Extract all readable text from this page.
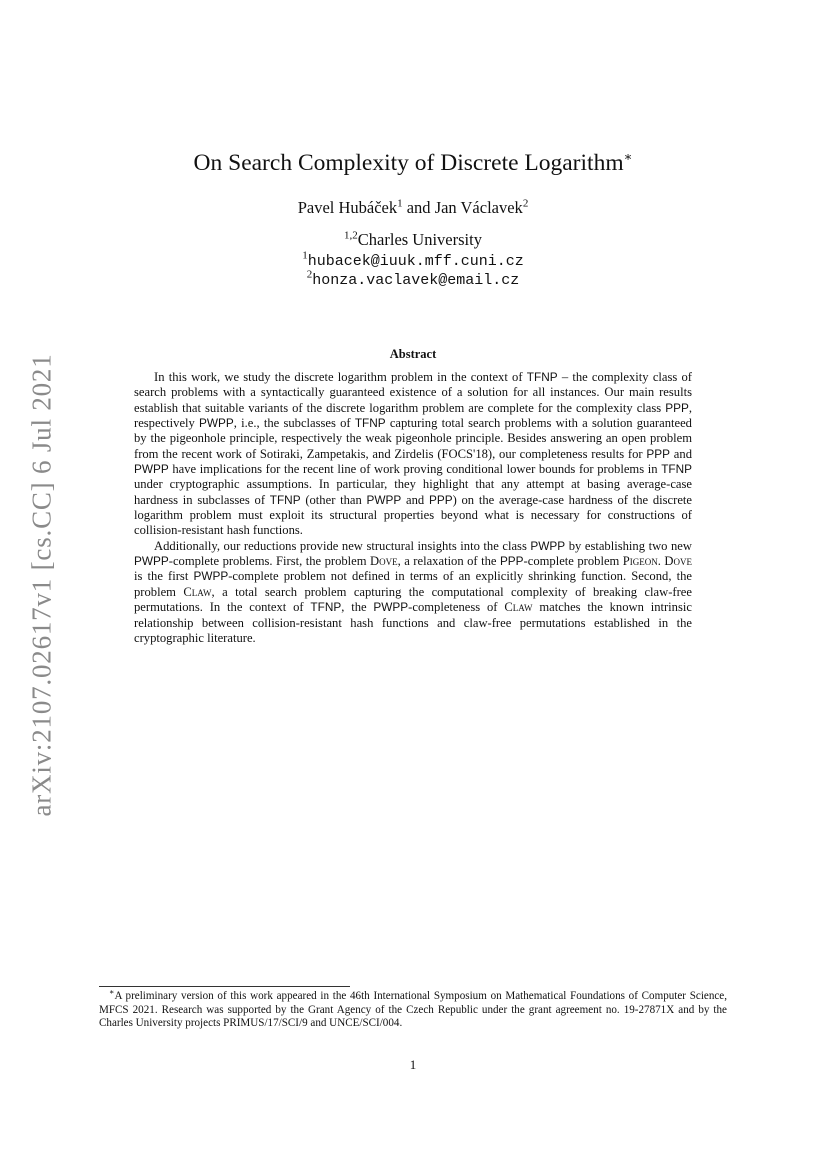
arXiv:2107.02617v1 [cs.CC] 6 Jul 2021
On Search Complexity of Discrete Logarithm∗
Pavel Hubáček$^1$ and Jan Václavek$^2$
$^{1,2}$Charles University
$^1$hubacek@iuuk.mff.cuni.cz
$^2$honza.vaclavek@email.cz
Abstract

In this work, we study the discrete logarithm problem in the context of TFNP – the complexity class of search problems with a syntactically guaranteed existence of a solution for all instances. Our main results establish that suitable variants of the discrete logarithm problem are complete for the complexity class PPP, respectively PWPP, i.e., the subclasses of TFNP capturing total search problems with a solution guaranteed by the pigeonhole principle, respectively the weak pigeonhole principle. Besides answering an open problem from the recent work of Sotiraki, Zampetakis, and Zirdelis (FOCS'18), our completeness results for PPP and PWPP have implications for the recent line of work proving conditional lower bounds for problems in TFNP under cryptographic assumptions. In particular, they highlight that any attempt at basing average-case hardness in subclasses of TFNP (other than PWPP and PPP) on the average-case hardness of the discrete logarithm problem must exploit its structural properties beyond what is necessary for constructions of collision-resistant hash functions.

Additionally, our reductions provide new structural insights into the class PWPP by establishing two new PWPP-complete problems. First, the problem Dove, a relaxation of the PPP-complete problem Pigeon. Dove is the first PWPP-complete problem not defined in terms of an explicitly shrinking function. Second, the problem Claw, a total search problem capturing the computational complexity of breaking claw-free permutations. In the context of TFNP, the PWPP-completeness of Claw matches the known intrinsic relationship between collision-resistant hash functions and claw-free permutations established in the cryptographic literature.

∗A preliminary version of this work appeared in the 46th International Symposium on Mathematical Foundations of Computer Science, MFCS 2021. Research was supported by the Grant Agency of the Czech Republic under the grant agreement no. 19-27871X and by the Charles University projects PRIMUS/17/SCI/9 and UNCE/SCI/004.

1
